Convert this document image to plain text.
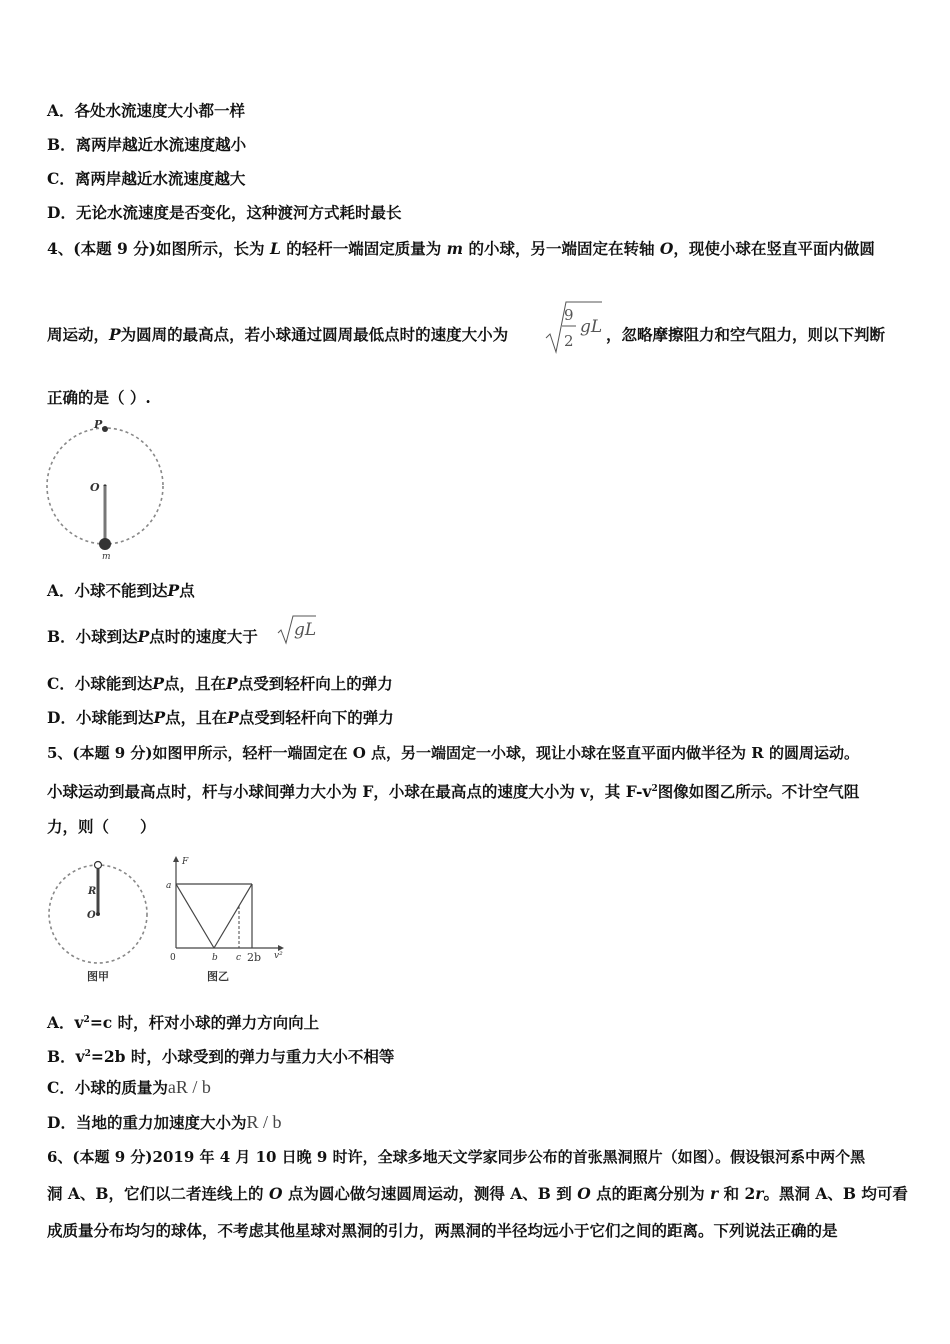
A．各处水流速度大小都一样
B．离两岸越近水流速度越小
C．离两岸越近水流速度越大
D．无论水流速度是否变化，这种渡河方式耗时最长
4、(本题 9 分)如图所示，长为 L 的轻杆一端固定质量为 m 的小球，另一端固定在转轴 O，现使小球在竖直平面内做圆
周运动，P为圆周的最高点，若小球通过圆周最低点时的速度大小为
9
2
gL ，忽略摩擦阻力和空气阻力，则以下判断
正确的是（ ）.
P
O
m
A．小球不能到达P点
B．小球到达P点时的速度大于 gL
C．小球能到达P点，且在P点受到轻杆向上的弹力
D．小球能到达P点，且在P点受到轻杆向下的弹力
5、(本题 9 分)如图甲所示，轻杆一端固定在 O 点，另一端固定一小球，现让小球在竖直平面内做半径为 R 的圆周运动。
小球运动到最高点时，杆与小球间弹力大小为 F，小球在最高点的速度大小为 v，其 $F-v^2$图像如图乙所示。不计空气阻
力，则（　　）
R
O
图甲
F
a
0	b c 2b v²
图乙
A．$v^2=c$ 时，杆对小球的弹力方向向上
B．$v^2=2b$ 时，小球受到的弹力与重力大小不相等
C．小球的质量为aR / b
D．当地的重力加速度大小为R / b
6、(本题 9 分)2019 年 4 月 10 日晚 9 时许，全球多地天文学家同步公布的首张黑洞照片（如图）。假设银河系中两个黑
洞 A、B，它们以二者连线上的 O 点为圆心做匀速圆周运动，测得 A、B 到 O 点的距离分别为 r 和 2r。黑洞 A、B 均可看
成质量分布均匀的球体，不考虑其他星球对黑洞的引力，两黑洞的半径均远小于它们之间的距离。下列说法正确的是
